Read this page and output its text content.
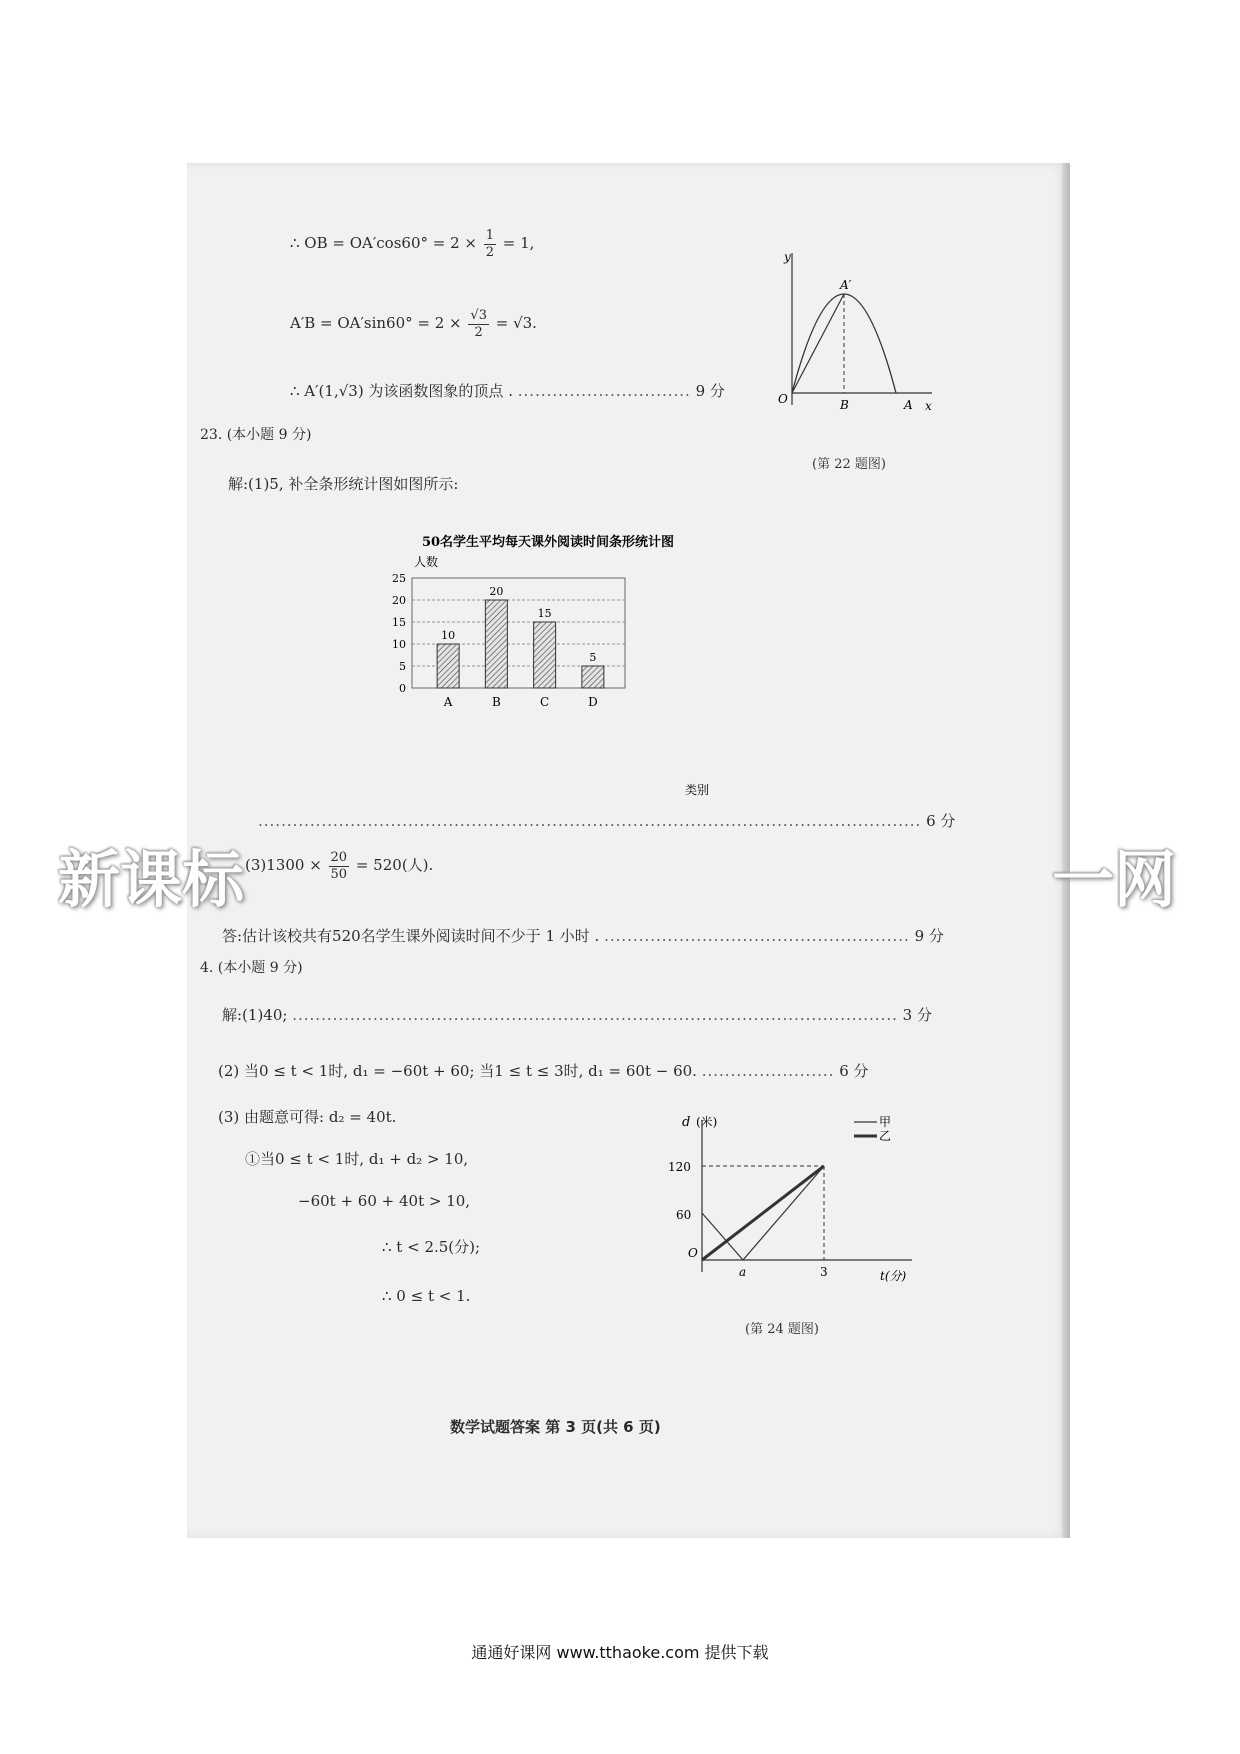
∴ OB = $OA'\cos 60^\circ = 2 \times \frac{1}{2} = 1$,
$A'B = OA'\sin 60^\circ = 2 \times \frac{√3}{2} = √3$.
∴ A′(1,√3) 为该函数图象的顶点 . .............................. 9 分
y
x
O	B	A
A′
(第 22 题图)
23. (本小题 9 分)
解:(1)5, 补全条形统计图如图所示:
50名学生平均每天课外阅读时间条形统计图
人数
类别
0
5
10
15
20
25
10
20
15
5
A	B	C	D
................................................................................................................... 6 分
$(3)1300 \times \frac{20}{50} = 520$(人).
答:估计该校共有520名学生课外阅读时间不少于 1 小时 . ..................................................... 9 分
新课标	一网
4. (本小题 9 分)
解:(1)40; ......................................................................................................... 3 分
(2) 当0 ≤ t < 1时, d₁ = −60t + 60; 当1 ≤ t ≤ 3时, d₁ = 60t − 60. ....................... 6 分
(3) 由题意可得: d₂ = 40t.
①当0 ≤ t < 1时, d₁ + d₂ > 10,
−60t + 60 + 40t > 10,
∴ t < 2.5(分);
∴ 0 ≤ t < 1.
d (米)
120
60
O
a	3	t(分)
甲
乙
(第 24 题图)
数学试题答案 第 3 页(共 6 页)
通通好课网 www.tthaoke.com 提供下载
